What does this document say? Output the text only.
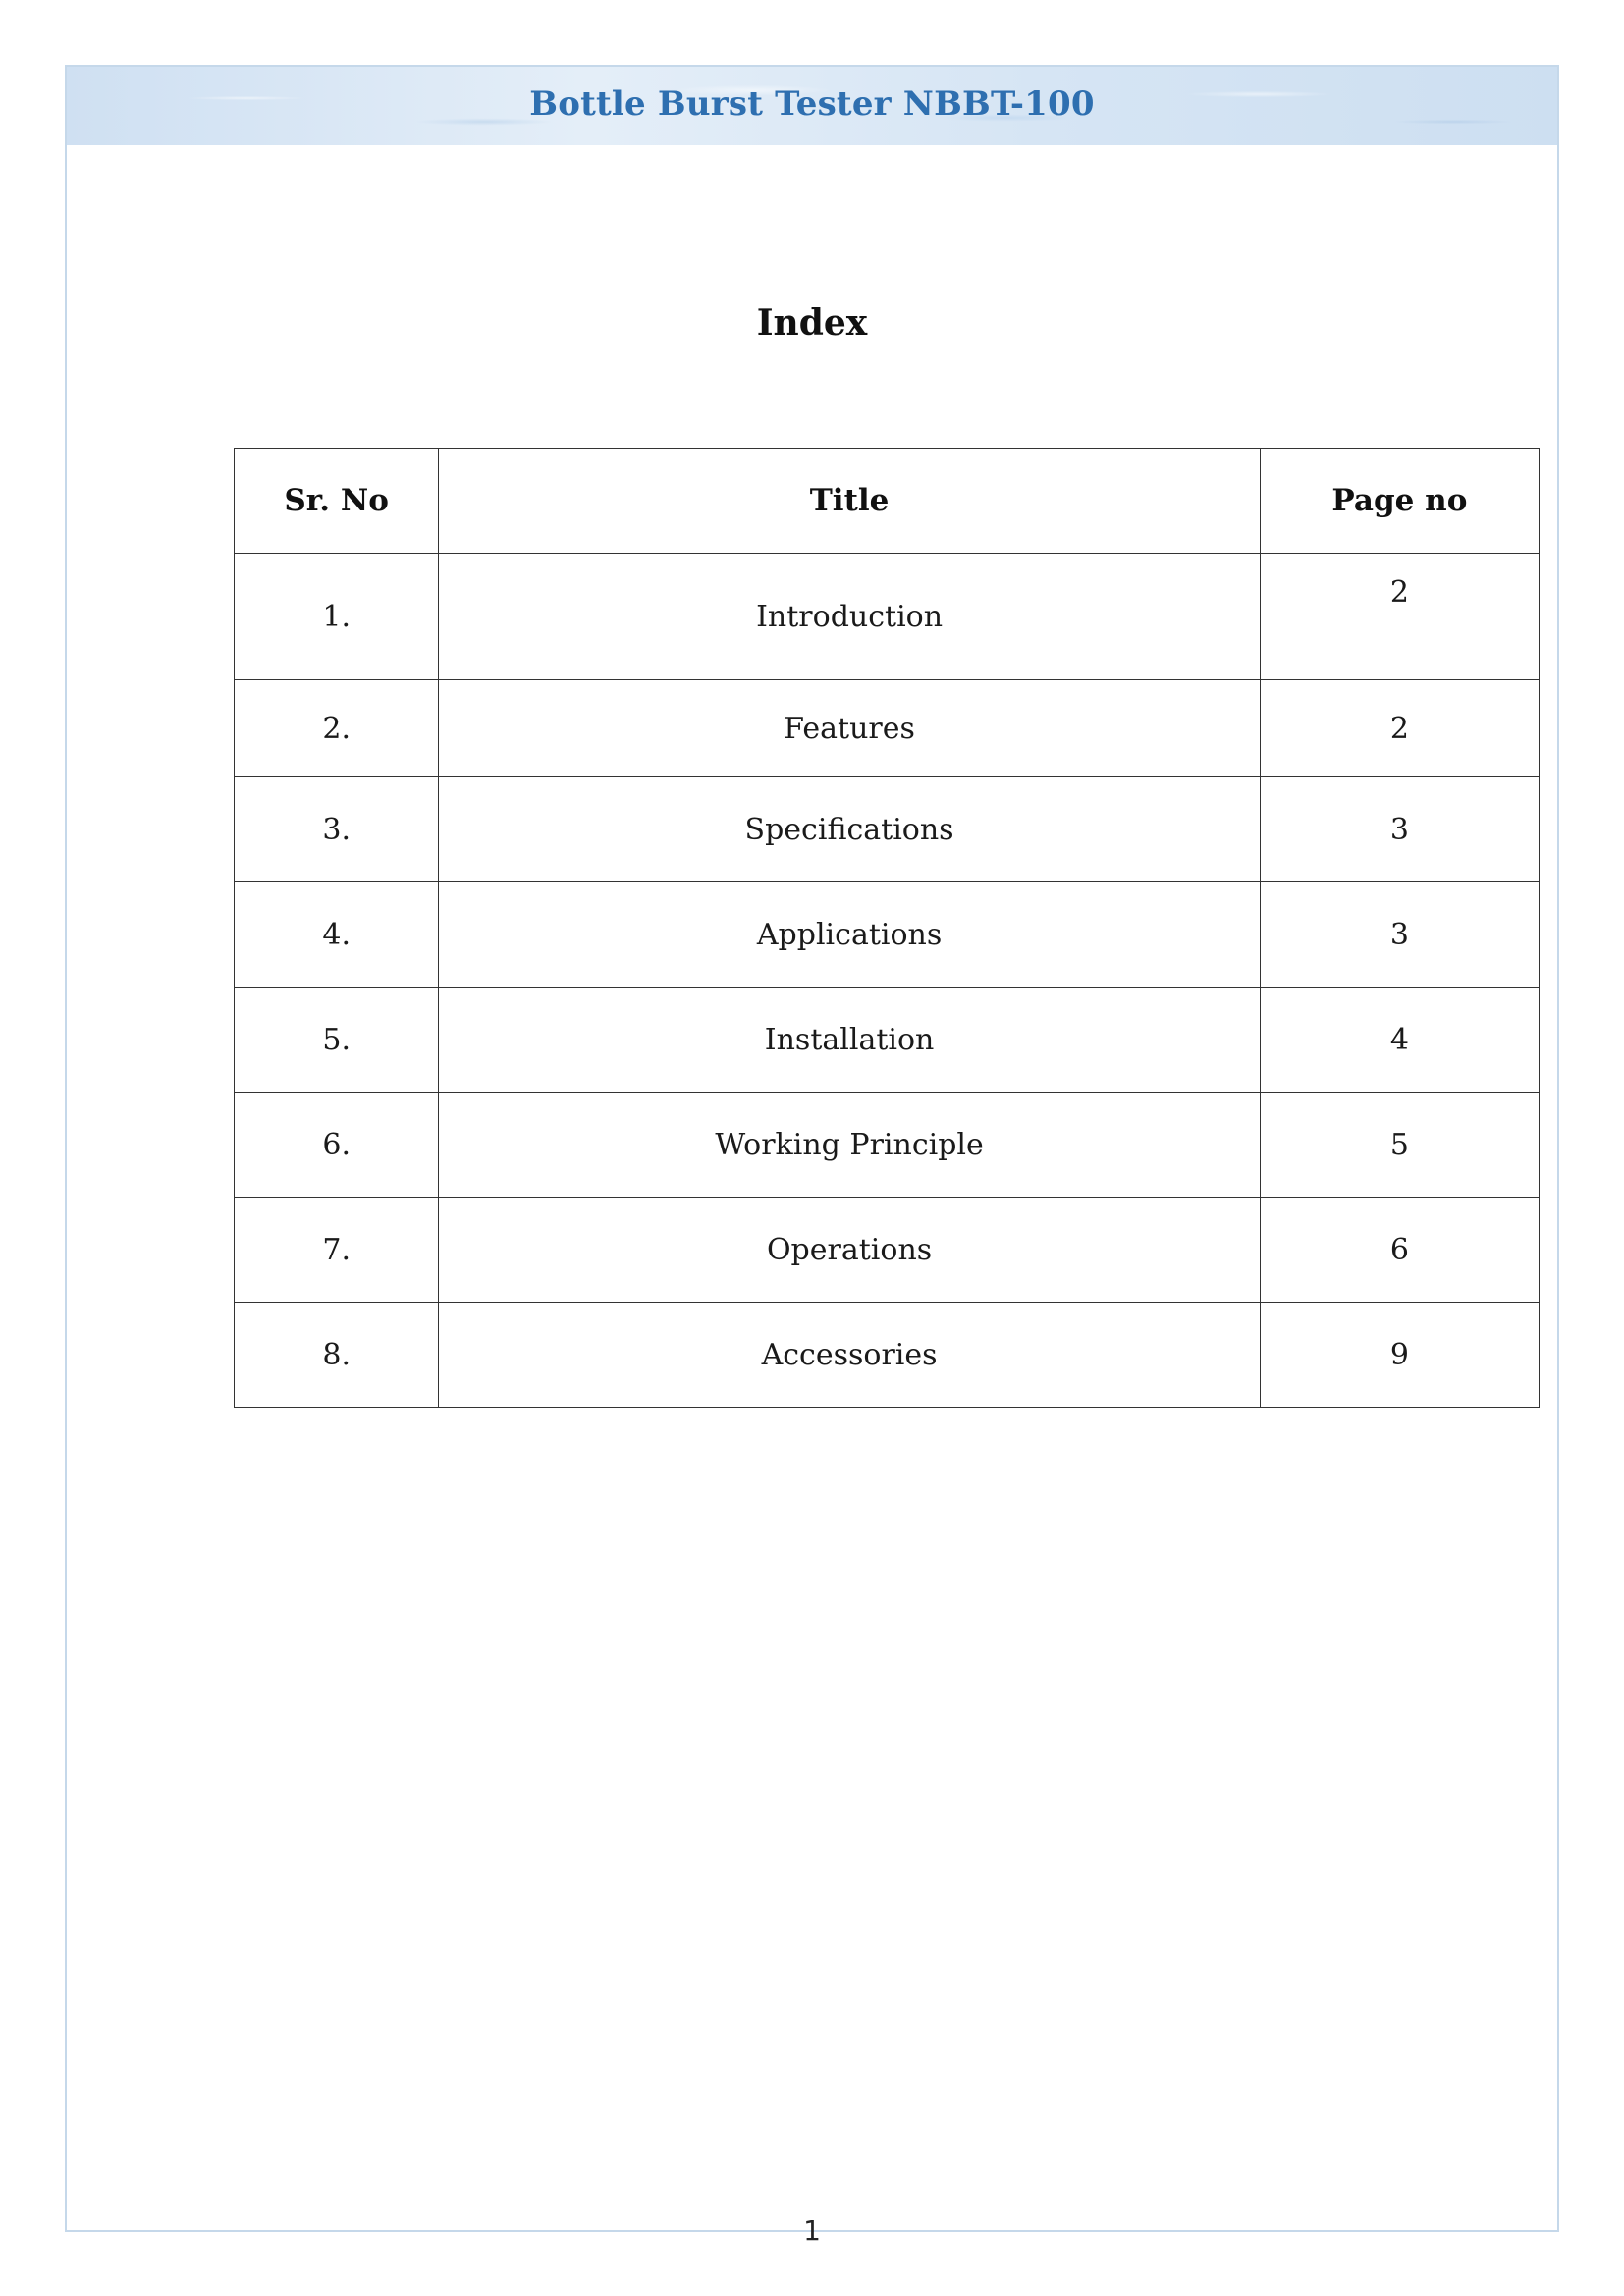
Bottle Burst Tester NBBT-100
Index
Sr. No	Title	Page no
1.	Introduction	2
2.	Features	2
3.	Specifications	3
4.	Applications	3
5.	Installation	4
6.	Working Principle	5
7.	Operations	6
8.	Accessories	9
1
